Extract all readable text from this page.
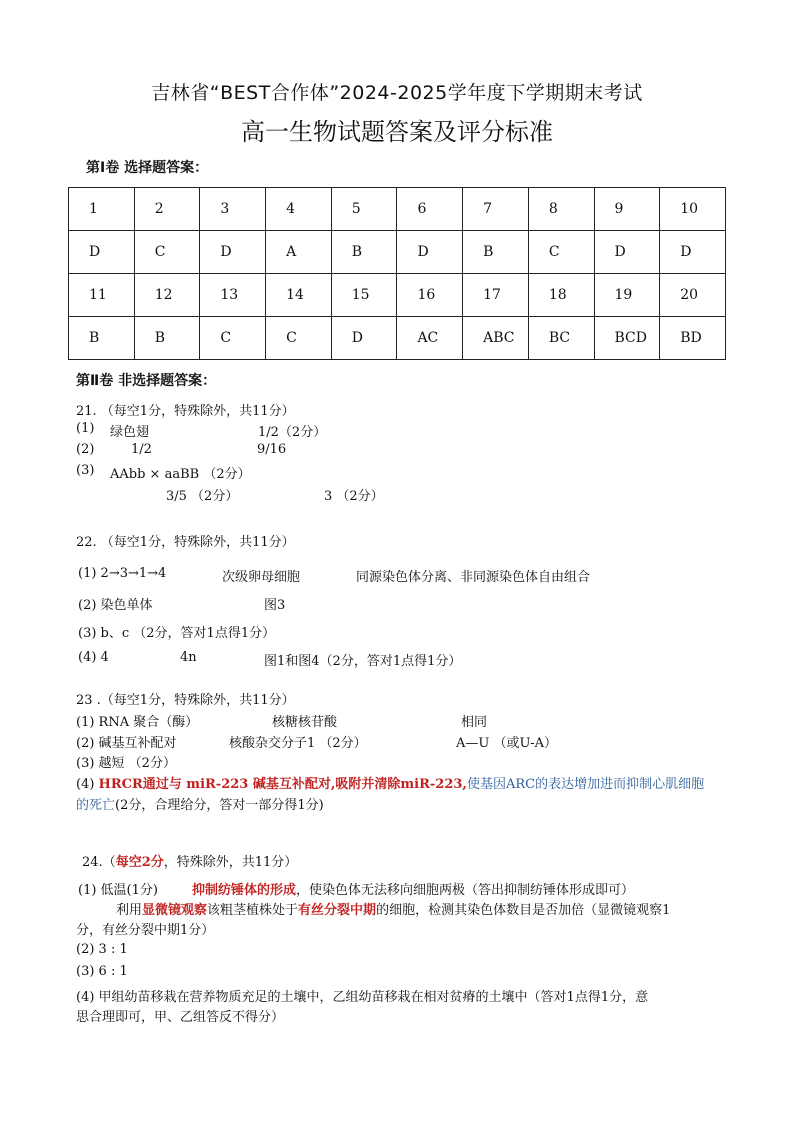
吉林省“BEST合作体”2024-2025学年度下学期期末考试
高一生物试题答案及评分标准
第Ⅰ卷 选择题答案：
1	2	3	4	5	6	7	8	9	10
D	C	D	A	B	D	B	C	D	D
11	12	13	14	15	16	17	18	19	20
B	B	C	C	D	AC	ABC	BC	BCD	BD
第Ⅱ卷 非选择题答案：
21. （每空1分，特殊除外，共11分）
(1) 绿色翅	1/2（2分）
(2)	1/2	9/16
(3) AAbb × aaBB （2分）
3/5 （2分）	3 （2分）
22. （每空1分，特殊除外，共11分）
(1) 2→3→1→4	次级卵母细胞	同源染色体分离、非同源染色体自由组合
(2) 染色单体	图3
(3) b、c （2分，答对1点得1分）
(4) 4	4n	图1和图4（2分，答对1点得1分）
23 .（每空1分，特殊除外，共11分）
(1) RNA 聚合（酶）	核糖核苷酸	相同
(2) 碱基互补配对	核酸杂交分子1 （2分）	A—U （或U-A）
(3) 越短 （2分）
(4) HRCR通过与 miR-223 碱基互补配对,吸附并清除miR-223,使基因ARC的表达增加进而抑制心肌细胞
的死亡(2分，合理给分，答对一部分得1分)
24.（每空2分，特殊除外，共11分）
(1) 低温(1分)	抑制纺锤体的形成，使染色体无法移向细胞两极（答出抑制纺锤体形成即可）
利用显微镜观察该粗茎植株处于有丝分裂中期的细胞，检测其染色体数目是否加倍（显微镜观察1
分，有丝分裂中期1分）
(2) 3 : 1
(3) 6 : 1
(4) 甲组幼苗移栽在营养物质充足的土壤中，乙组幼苗移栽在相对贫瘠的土壤中（答对1点得1分，意
思合理即可，甲、乙组答反不得分）
